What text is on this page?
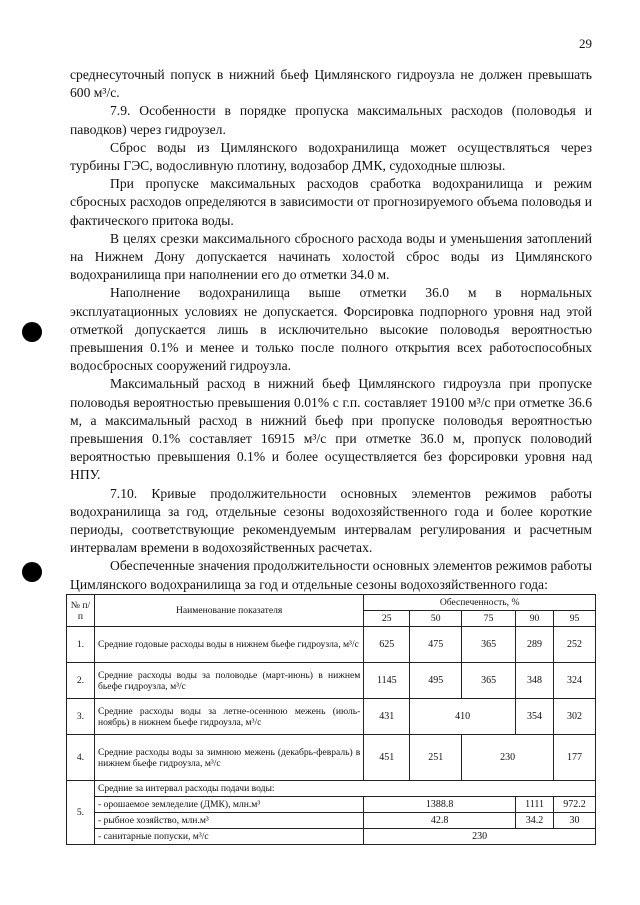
29

среднесуточный попуск в нижний бьеф Цимлянского гидроузла не должен превышать 600 м³/с.

7.9. Особенности в порядке пропуска максимальных расходов (половодья и паводков) через гидроузел.

Сброс воды из Цимлянского водохранилища может осуществляться через турбины ГЭС, водосливную плотину, водозабор ДМК, судоходные шлюзы.

При пропуске максимальных расходов сработка водохранилища и режим сбросных расходов определяются в зависимости от прогнозируемого объема половодья и фактического притока воды.

В целях срезки максимального сбросного расхода воды и уменьшения затоплений на Нижнем Дону допускается начинать холостой сброс воды из Цимлянского водохранилища при наполнении его до отметки 34.0 м.

Наполнение водохранилища выше отметки 36.0 м в нормальных эксплуатационных условиях не допускается. Форсировка подпорного уровня над этой отметкой допускается лишь в исключительно высокие половодья вероятностью превышения 0.1% и менее и только после полного открытия всех работоспособных водосбросных сооружений гидроузла.

Максимальный расход в нижний бьеф Цимлянского гидроузла при пропуске половодья вероятностью превышения 0.01% с г.п. составляет 19100 м³/с при отметке 36.6 м, а максимальный расход в нижний бьеф при пропуске половодья вероятностью превышения 0.1% составляет 16915 м³/с при отметке 36.0 м, пропуск половодий вероятностью превышения 0.1% и более осуществляется без форсировки уровня над НПУ.

7.10. Кривые продолжительности основных элементов режимов работы водохранилища за год, отдельные сезоны водохозяйственного года и более короткие периоды, соответствующие рекомендуемым интервалам регулирования и расчетным интервалам времени в водохозяйственных расчетах.

Обеспеченные значения продолжительности основных элементов режимов работы Цимлянского водохранилища за год и отдельные сезоны водохозяйственного года:

№ п/п	Наименование показателя	Обеспеченность, %				
		25	50	75	90	95
1.	Средние годовые расходы воды в нижнем бьефе гидроузла, м³/с	625	475	365	289	252
2.	Средние расходы воды за половодье (март-июнь) в нижнем бьефе гидроузла, м³/с	1145	495	365	348	324
3.	Средние расходы воды за летне-осеннюю межень (июль-ноябрь) в нижнем бьефе гидроузла, м³/с	431	410		354	302
4.	Средние расходы воды за зимнюю межень (декабрь-февраль) в нижнем бьефе гидроузла, м³/с	451	251	230		177
5.	Средние за интервал расходы подачи воды:					
	- орошаемое земледелие (ДМК), млн.м³	1388.8			1111	972.2
	- рыбное хозяйство, млн.м³	42.8			34.2	30
	- санитарные попуски, м³/с	230				
